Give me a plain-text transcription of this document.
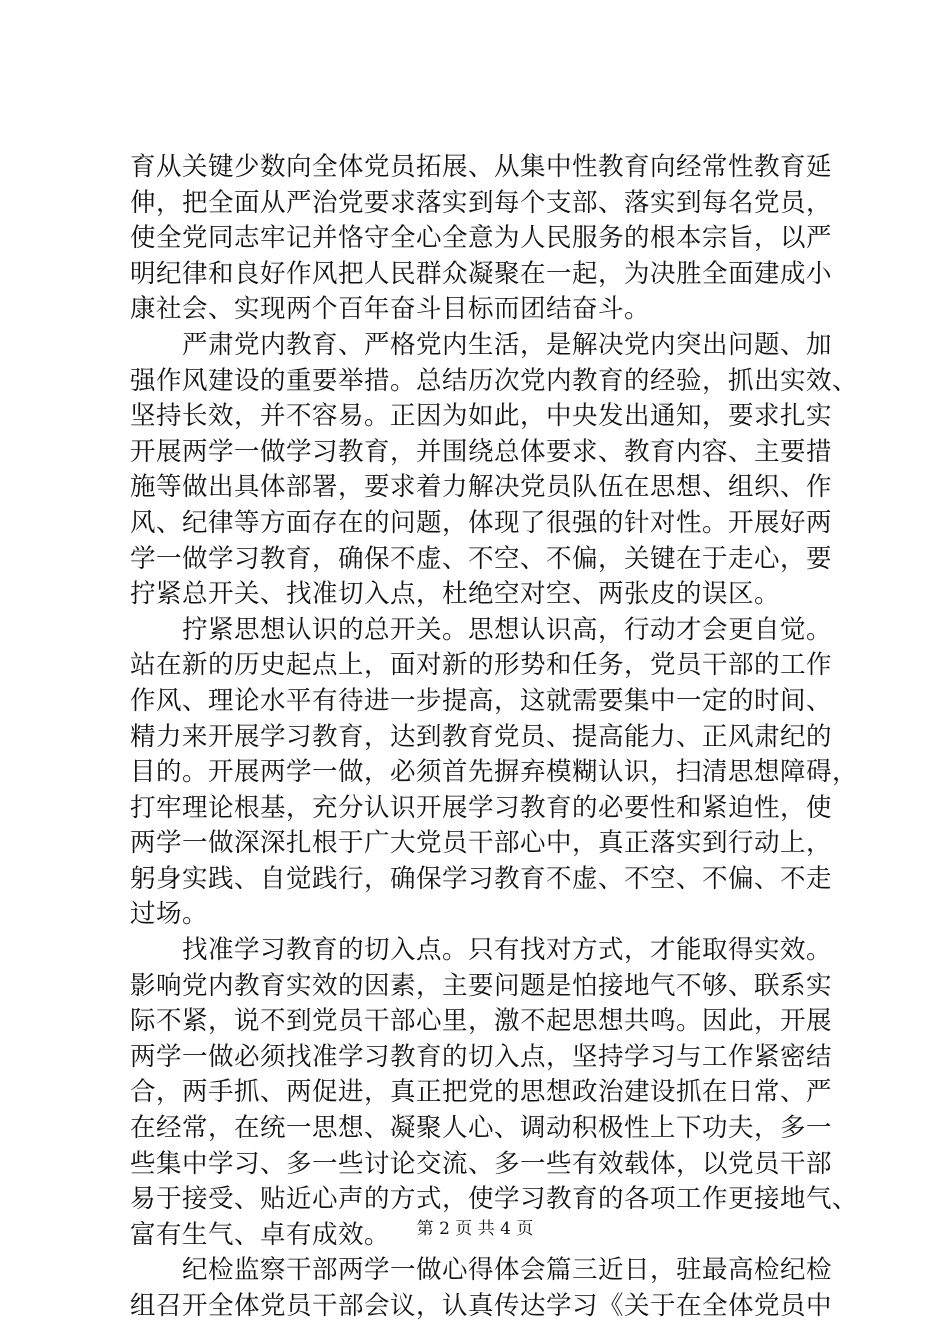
育从关键少数向全体党员拓展、从集中性教育向经常性教育延
伸，把全面从严治党要求落实到每个支部、落实到每名党员，
使全党同志牢记并恪守全心全意为人民服务的根本宗旨，以严
明纪律和良好作风把人民群众凝聚在一起，为决胜全面建成小
康社会、实现两个百年奋斗目标而团结奋斗。
　　严肃党内教育、严格党内生活，是解决党内突出问题、加
强作风建设的重要举措。总结历次党内教育的经验，抓出实效、
坚持长效，并不容易。正因为如此，中央发出通知，要求扎实
开展两学一做学习教育，并围绕总体要求、教育内容、主要措
施等做出具体部署，要求着力解决党员队伍在思想、组织、作
风、纪律等方面存在的问题，体现了很强的针对性。开展好两
学一做学习教育，确保不虚、不空、不偏，关键在于走心，要
拧紧总开关、找准切入点，杜绝空对空、两张皮的误区。
　　拧紧思想认识的总开关。思想认识高，行动才会更自觉。
站在新的历史起点上，面对新的形势和任务，党员干部的工作
作风、理论水平有待进一步提高，这就需要集中一定的时间、
精力来开展学习教育，达到教育党员、提高能力、正风肃纪的
目的。开展两学一做，必须首先摒弃模糊认识，扫清思想障碍，
打牢理论根基，充分认识开展学习教育的必要性和紧迫性，使
两学一做深深扎根于广大党员干部心中，真正落实到行动上，
躬身实践、自觉践行，确保学习教育不虚、不空、不偏、不走
过场。
　　找准学习教育的切入点。只有找对方式，才能取得实效。
影响党内教育实效的因素，主要问题是怕接地气不够、联系实
际不紧，说不到党员干部心里，激不起思想共鸣。因此，开展
两学一做必须找准学习教育的切入点，坚持学习与工作紧密结
合，两手抓、两促进，真正把党的思想政治建设抓在日常、严
在经常，在统一思想、凝聚人心、调动积极性上下功夫，多一
些集中学习、多一些讨论交流、多一些有效载体，以党员干部
易于接受、贴近心声的方式，使学习教育的各项工作更接地气、
富有生气、卓有成效。
　　纪检监察干部两学一做心得体会篇三近日，驻最高检纪检
组召开全体党员干部会议，认真传达学习《关于在全体党员中
第 2 页 共 4 页
